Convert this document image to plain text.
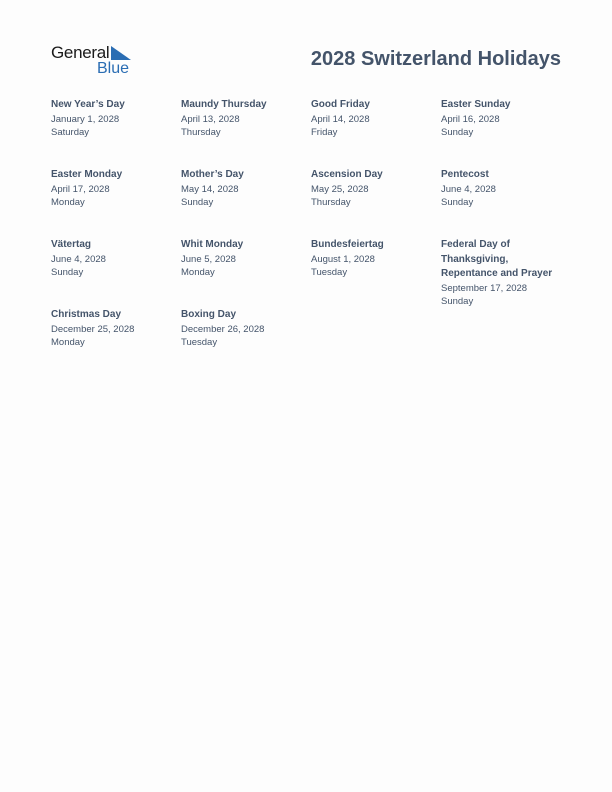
General
Blue	2028 Switzerland Holidays
New Year’s Day
January 1, 2028
Saturday
Maundy Thursday
April 13, 2028
Thursday
Good Friday
April 14, 2028
Friday
Easter Sunday
April 16, 2028
Sunday
Easter Monday
April 17, 2028
Monday
Mother’s Day
May 14, 2028
Sunday
Ascension Day
May 25, 2028
Thursday
Pentecost
June 4, 2028
Sunday
Vätertag
June 4, 2028
Sunday
Whit Monday
June 5, 2028
Monday
Bundesfeiertag
August 1, 2028
Tuesday
Federal Day of Thanksgiving, Repentance and Prayer
September 17, 2028
Sunday
Christmas Day
December 25, 2028
Monday
Boxing Day
December 26, 2028
Tuesday
